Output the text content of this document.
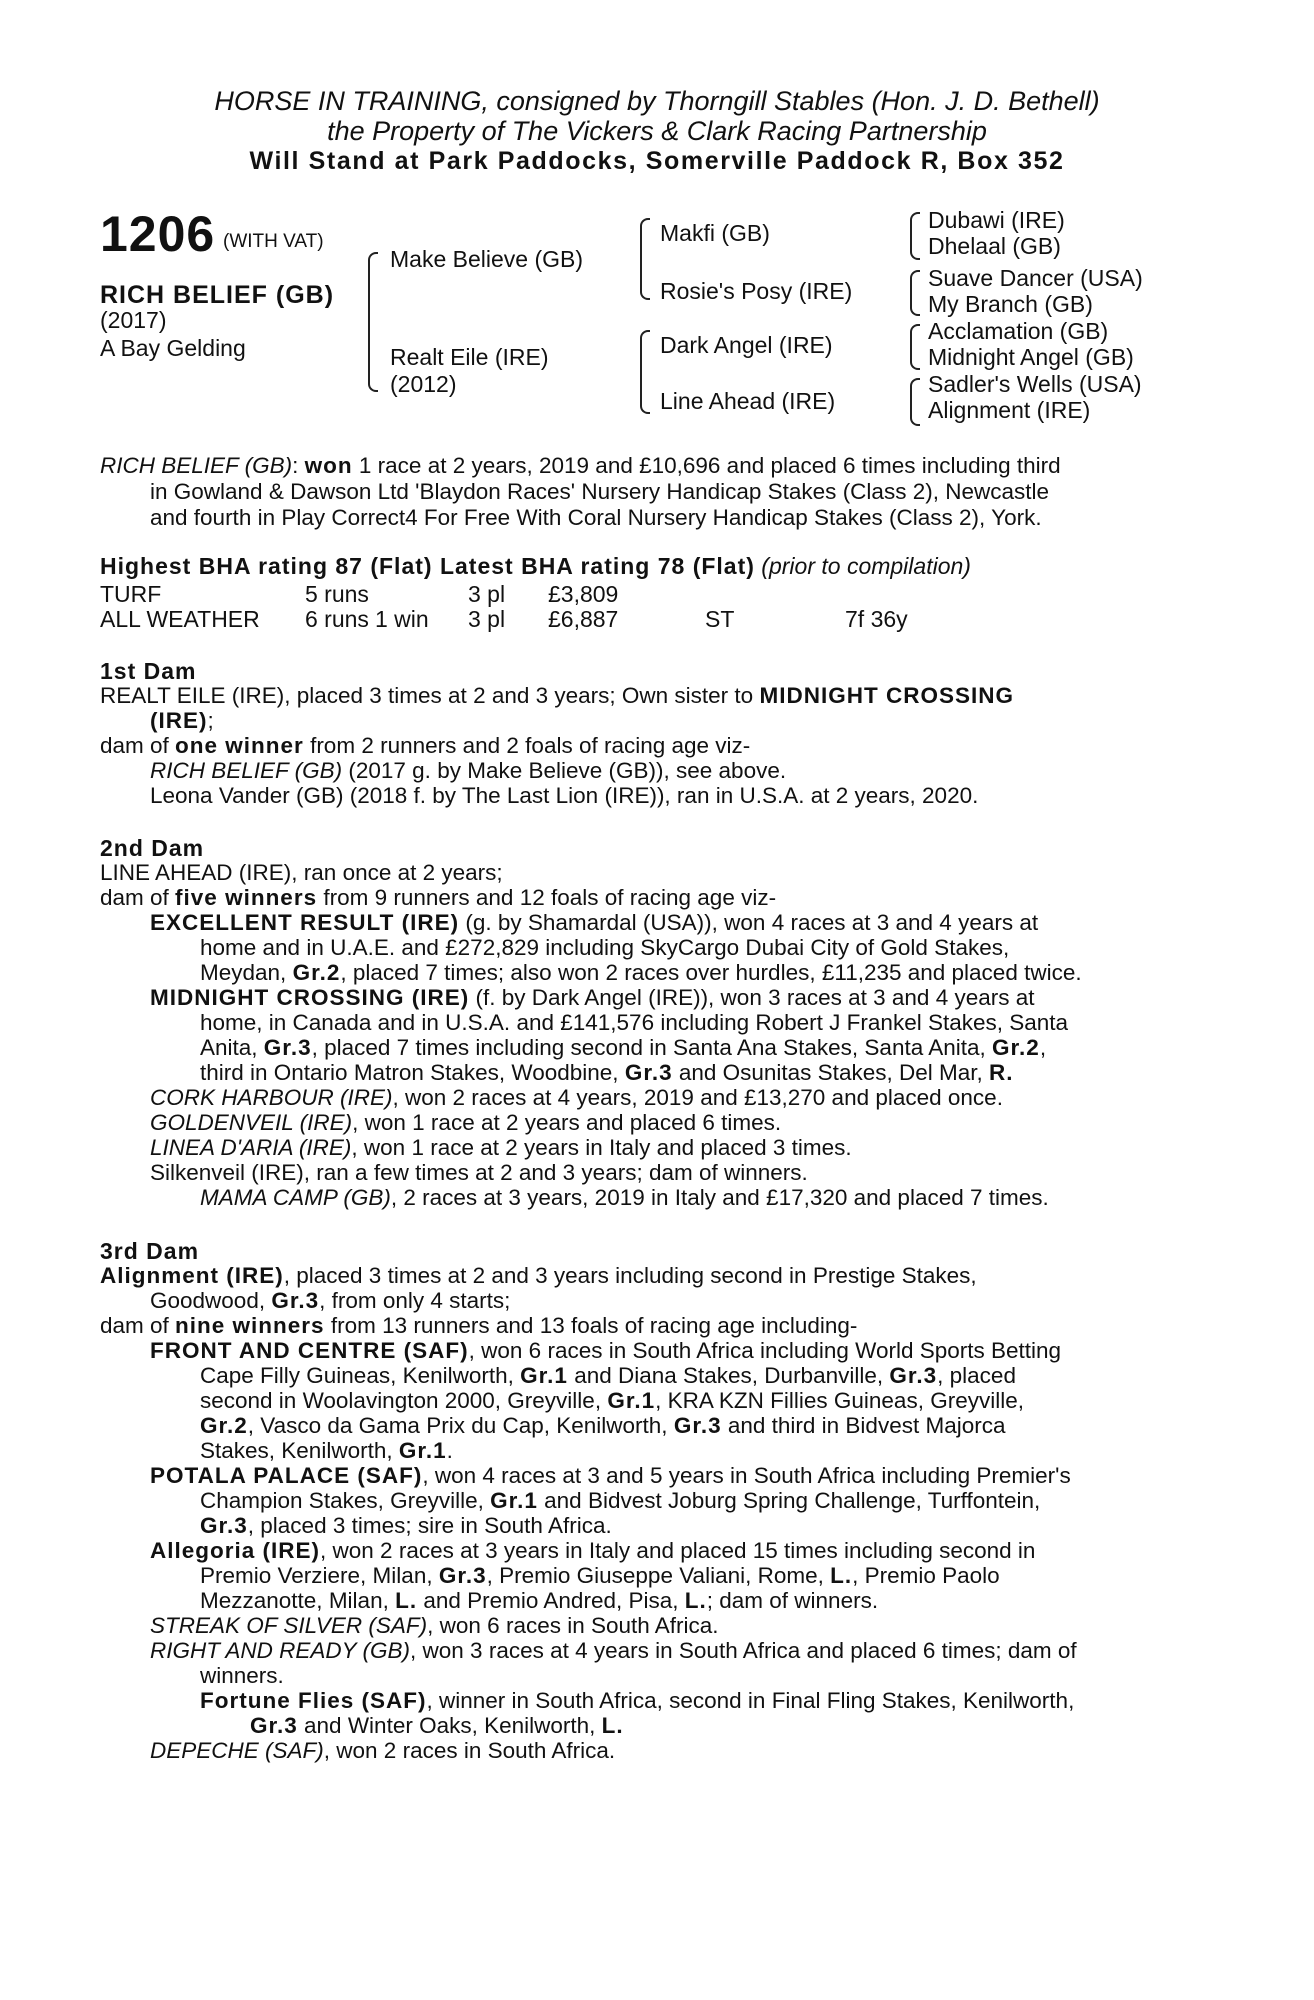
HORSE IN TRAINING, consigned by Thorngill Stables (Hon. J. D. Bethell)
the Property of The Vickers & Clark Racing Partnership
Will Stand at Park Paddocks, Somerville Paddock R, Box 352
1206 (WITH VAT)
RICH BELIEF (GB)
(2017)
A Bay Gelding
Make Believe (GB)
Realt Eile (IRE)
(2012)
Makfi (GB)
Rosie's Posy (IRE)
Dark Angel (IRE)
Line Ahead (IRE)
Dubawi (IRE)
Dhelaal (GB)
Suave Dancer (USA)
My Branch (GB)
Acclamation (GB)
Midnight Angel (GB)
Sadler's Wells (USA)
Alignment (IRE)
RICH BELIEF (GB): won 1 race at 2 years, 2019 and £10,696 and placed 6 times including third
in Gowland & Dawson Ltd 'Blaydon Races' Nursery Handicap Stakes (Class 2), Newcastle
and fourth in Play Correct4 For Free With Coral Nursery Handicap Stakes (Class 2), York.
Highest BHA rating 87 (Flat) Latest BHA rating 78 (Flat) (prior to compilation)
TURF	5 runs	3 pl £3,809
ALL WEATHER 6 runs 1 win 3 pl £6,887	ST	7f 36y
1st Dam
REALT EILE (IRE), placed 3 times at 2 and 3 years; Own sister to MIDNIGHT CROSSING
(IRE);
dam of one winner from 2 runners and 2 foals of racing age viz-
RICH BELIEF (GB) (2017 g. by Make Believe (GB)), see above.
Leona Vander (GB) (2018 f. by The Last Lion (IRE)), ran in U.S.A. at 2 years, 2020.
2nd Dam
LINE AHEAD (IRE), ran once at 2 years;
dam of five winners from 9 runners and 12 foals of racing age viz-
EXCELLENT RESULT (IRE) (g. by Shamardal (USA)), won 4 races at 3 and 4 years at
home and in U.A.E. and £272,829 including SkyCargo Dubai City of Gold Stakes,
Meydan, Gr.2, placed 7 times; also won 2 races over hurdles, £11,235 and placed twice.
MIDNIGHT CROSSING (IRE) (f. by Dark Angel (IRE)), won 3 races at 3 and 4 years at
home, in Canada and in U.S.A. and £141,576 including Robert J Frankel Stakes, Santa
Anita, Gr.3, placed 7 times including second in Santa Ana Stakes, Santa Anita, Gr.2,
third in Ontario Matron Stakes, Woodbine, Gr.3 and Osunitas Stakes, Del Mar, R.
CORK HARBOUR (IRE), won 2 races at 4 years, 2019 and £13,270 and placed once.
GOLDENVEIL (IRE), won 1 race at 2 years and placed 6 times.
LINEA D'ARIA (IRE), won 1 race at 2 years in Italy and placed 3 times.
Silkenveil (IRE), ran a few times at 2 and 3 years; dam of winners.
MAMA CAMP (GB), 2 races at 3 years, 2019 in Italy and £17,320 and placed 7 times.
3rd Dam
Alignment (IRE), placed 3 times at 2 and 3 years including second in Prestige Stakes,
Goodwood, Gr.3, from only 4 starts;
dam of nine winners from 13 runners and 13 foals of racing age including-
FRONT AND CENTRE (SAF), won 6 races in South Africa including World Sports Betting
Cape Filly Guineas, Kenilworth, Gr.1 and Diana Stakes, Durbanville, Gr.3, placed
second in Woolavington 2000, Greyville, Gr.1, KRA KZN Fillies Guineas, Greyville,
Gr.2, Vasco da Gama Prix du Cap, Kenilworth, Gr.3 and third in Bidvest Majorca
Stakes, Kenilworth, Gr.1.
POTALA PALACE (SAF), won 4 races at 3 and 5 years in South Africa including Premier's
Champion Stakes, Greyville, Gr.1 and Bidvest Joburg Spring Challenge, Turffontein,
Gr.3, placed 3 times; sire in South Africa.
Allegoria (IRE), won 2 races at 3 years in Italy and placed 15 times including second in
Premio Verziere, Milan, Gr.3, Premio Giuseppe Valiani, Rome, L., Premio Paolo
Mezzanotte, Milan, L. and Premio Andred, Pisa, L.; dam of winners.
STREAK OF SILVER (SAF), won 6 races in South Africa.
RIGHT AND READY (GB), won 3 races at 4 years in South Africa and placed 6 times; dam of
winners.
Fortune Flies (SAF), winner in South Africa, second in Final Fling Stakes, Kenilworth,
Gr.3 and Winter Oaks, Kenilworth, L.
DEPECHE (SAF), won 2 races in South Africa.
